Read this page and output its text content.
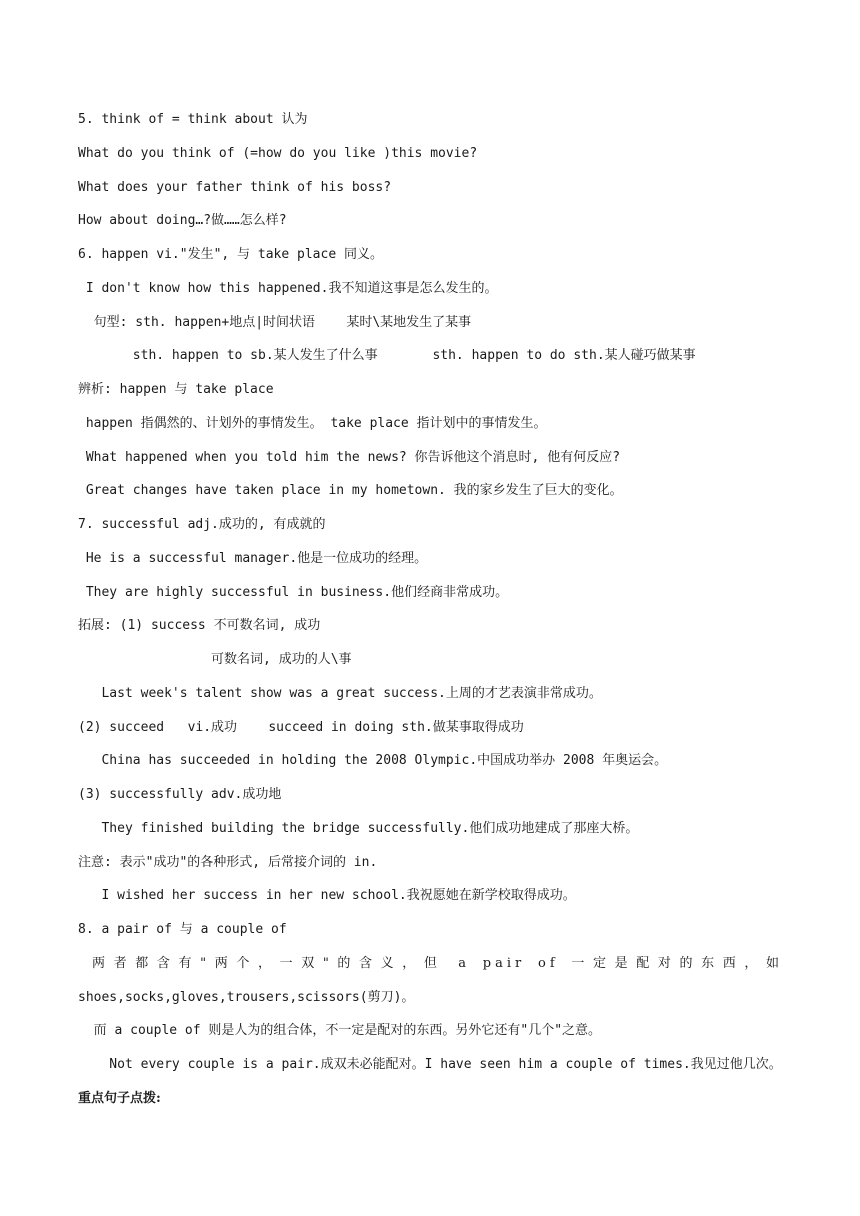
5. think of = think about 认为
What do you think of (=how do you like )this movie?
What does your father think of his boss?
How about doing…?做……怎么样?
6. happen vi."发生", 与 take place 同义。
I don't know how this happened.我不知道这事是怎么发生的。
句型: sth. happen+地点|时间状语    某时\某地发生了某事
sth. happen to sb.某人发生了什么事       sth. happen to do sth.某人碰巧做某事
辨析: happen 与 take place
happen 指偶然的、计划外的事情发生。 take place 指计划中的事情发生。
What happened when you told him the news? 你告诉他这个消息时, 他有何反应?
Great changes have taken place in my hometown. 我的家乡发生了巨大的变化。
7. successful adj.成功的, 有成就的
He is a successful manager.他是一位成功的经理。
They are highly successful in business.他们经商非常成功。
拓展: (1) success 不可数名词, 成功
可数名词, 成功的人\事
Last week's talent show was a great success.上周的才艺表演非常成功。
(2) succeed   vi.成功    succeed in doing sth.做某事取得成功
China has succeeded in holding the 2008 Olympic.中国成功举办 2008 年奥运会。
(3) successfully adv.成功地
They finished building the bridge successfully.他们成功地建成了那座大桥。
注意: 表示"成功"的各种形式, 后常接介词的 in.
I wished her success in her new school.我祝愿她在新学校取得成功。
8. a pair of 与 a couple of
两者都含有"两个，一双"的含义，但 a pair of 一定是配对的东西，如
shoes,socks,gloves,trousers,scissors(剪刀)。
而 a couple of 则是人为的组合体，不一定是配对的东西。另外它还有"几个"之意。
Not every couple is a pair.成双未必能配对。I have seen him a couple of times.我见过他几次。
重点句子点拨:
